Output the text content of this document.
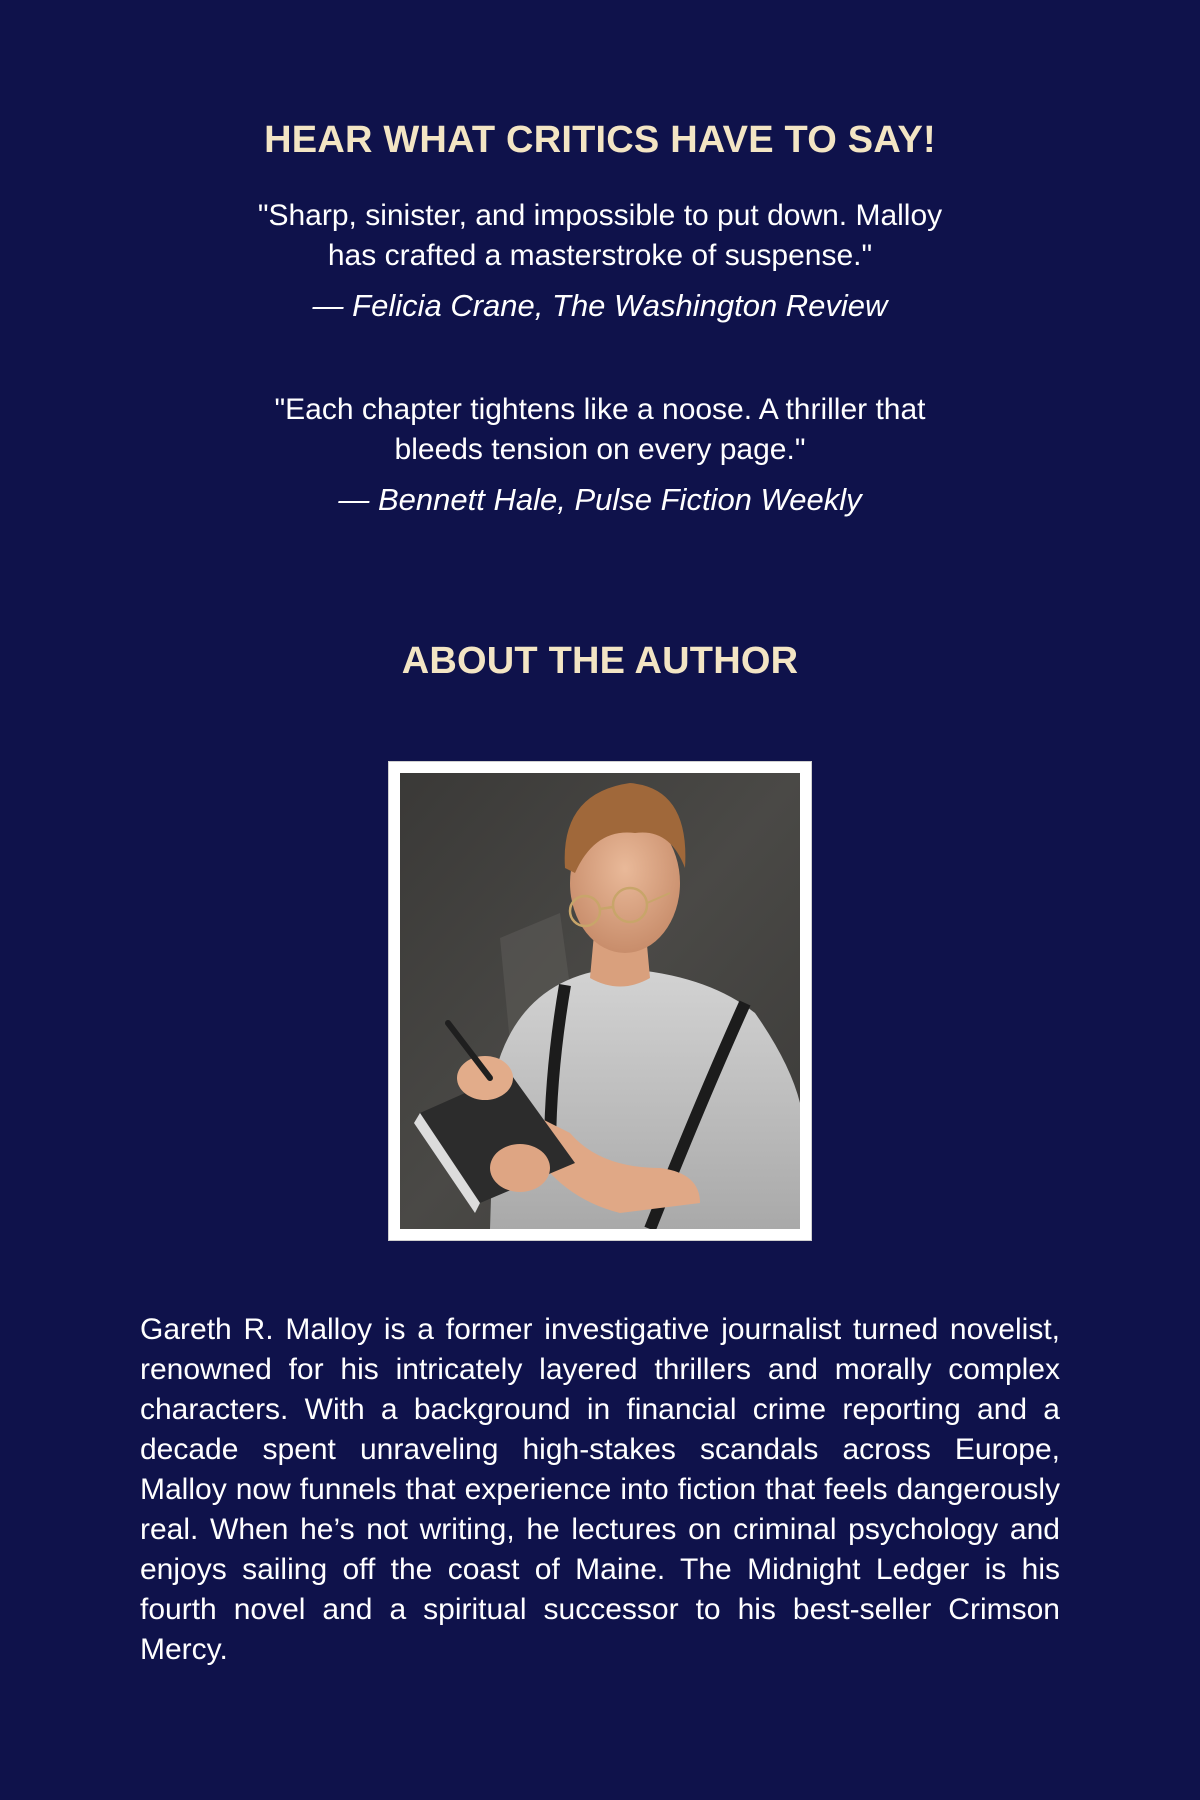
HEAR WHAT CRITICS HAVE TO SAY!

"Sharp, sinister, and impossible to put down. Malloy
has crafted a masterstroke of suspense."

— Felicia Crane, The Washington Review

"Each chapter tightens like a noose. A thriller that
bleeds tension on every page."

— Bennett Hale, Pulse Fiction Weekly

ABOUT THE AUTHOR

Gareth R. Malloy is a former investigative journalist turned novelist, renowned for his intricately layered thrillers and morally complex characters. With a background in financial crime reporting and a decade spent unraveling high-stakes scandals across Europe, Malloy now funnels that experience into fiction that feels dangerously real. When he’s not writing, he lectures on criminal psychology and enjoys sailing off the coast of Maine. The Midnight Ledger is his fourth novel and a spiritual successor to his best-seller Crimson Mercy.
